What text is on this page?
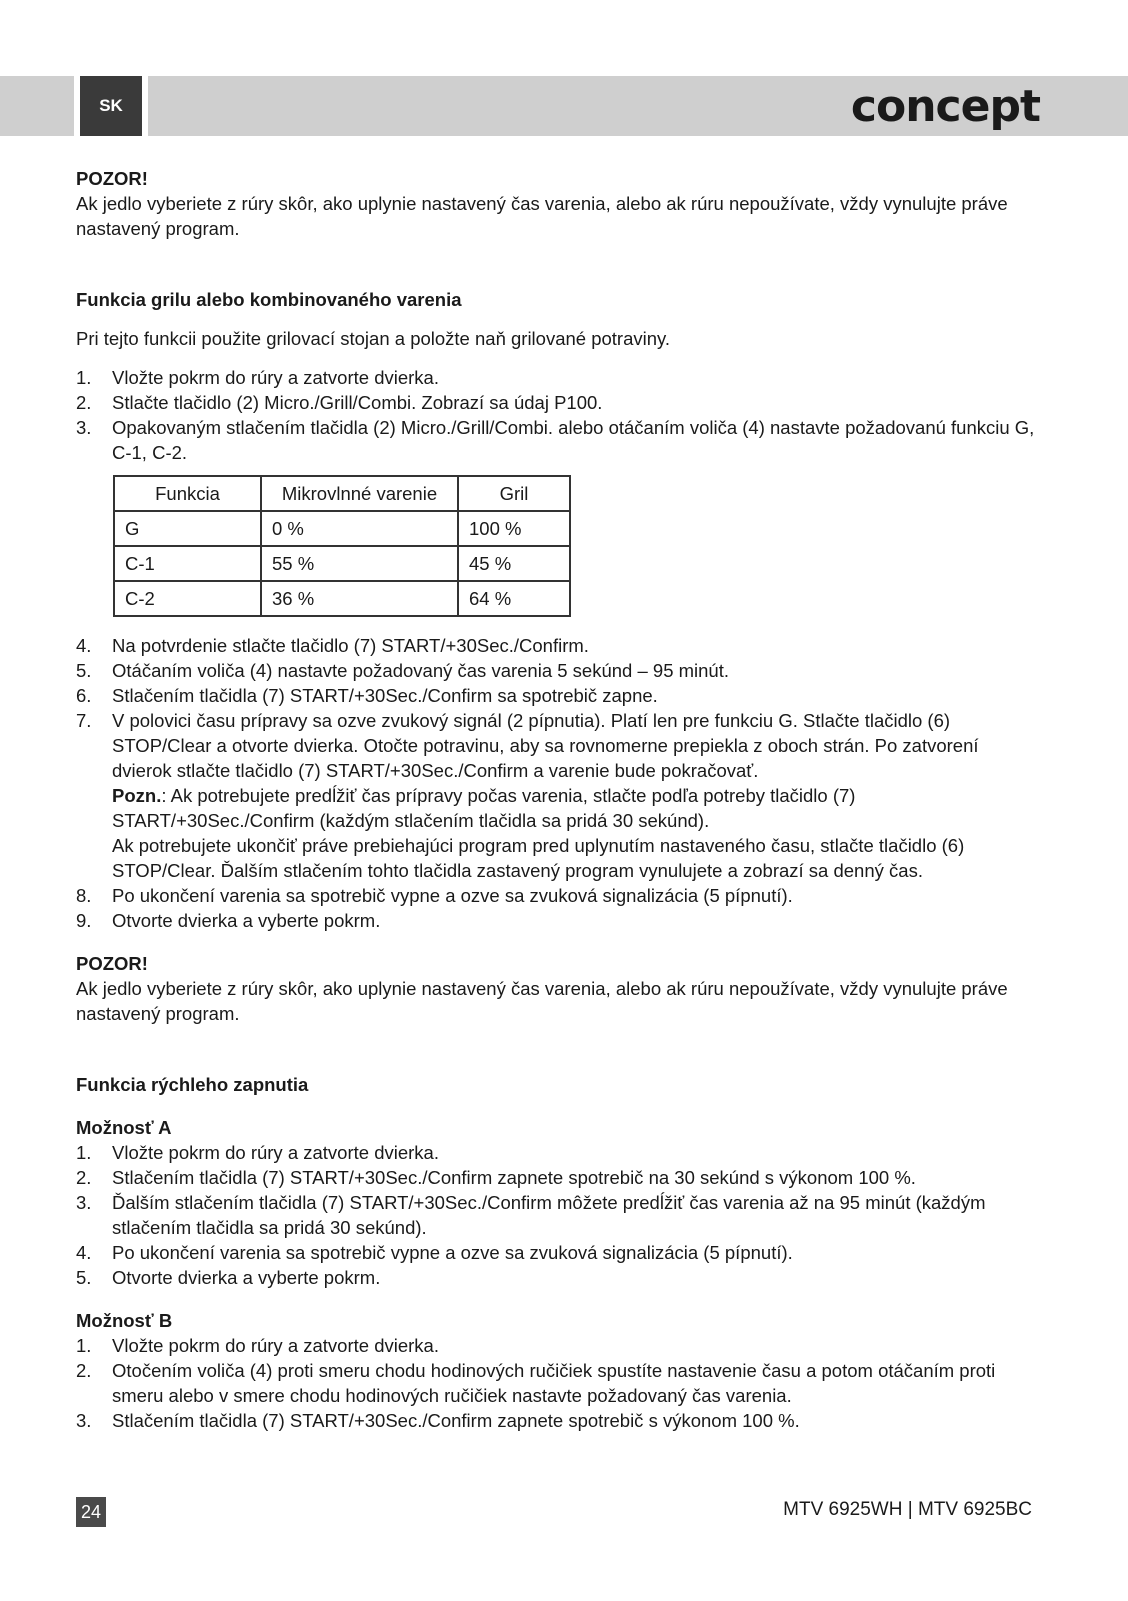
SK	concept

POZOR!

Ak jedlo vyberiete z rúry skôr, ako uplynie nastavený čas varenia, alebo ak rúru nepoužívate, vždy vynulujte práve nastavený program.

Funkcia grilu alebo kombinovaného varenia

Pri tejto funkcii použite grilovací stojan a položte naň grilované potraviny.

1.	Vložte pokrm do rúry a zatvorte dvierka.
2.	Stlačte tlačidlo (2) Micro./Grill/Combi. Zobrazí sa údaj P100.
3.	Opakovaným stlačením tlačidla (2) Micro./Grill/Combi. alebo otáčaním voliča (4) nastavte požadovanú funkciu G, C-1, C-2.
Funkcia	Mikrovlnné varenie	Gril
G	0 %	100 %
C-1	55 %	45 %
C-2	36 %	64 %
4.	Na potvrdenie stlačte tlačidlo (7) START/+30Sec./Confirm.
5.	Otáčaním voliča (4) nastavte požadovaný čas varenia 5 sekúnd – 95 minút.
6.	Stlačením tlačidla (7) START/+30Sec./Confirm sa spotrebič zapne.
7.	V polovici času prípravy sa ozve zvukový signál (2 pípnutia). Platí len pre funkciu G. Stlačte tlačidlo (6) STOP/Clear a otvorte dvierka. Otočte potravinu, aby sa rovnomerne prepiekla z oboch strán. Po zatvorení dvierok stlačte tlačidlo (7) START/+30Sec./Confirm a varenie bude pokračovať.
Pozn.: Ak potrebujete predĺžiť čas prípravy počas varenia, stlačte podľa potreby tlačidlo (7) START/+30Sec./Confirm (každým stlačením tlačidla sa pridá 30 sekúnd).
Ak potrebujete ukončiť práve prebiehajúci program pred uplynutím nastaveného času, stlačte tlačidlo (6) STOP/Clear. Ďalším stlačením tohto tlačidla zastavený program vynulujete a zobrazí sa denný čas.
8.	Po ukončení varenia sa spotrebič vypne a ozve sa zvuková signalizácia (5 pípnutí).
9.	Otvorte dvierka a vyberte pokrm.

POZOR!

Ak jedlo vyberiete z rúry skôr, ako uplynie nastavený čas varenia, alebo ak rúru nepoužívate, vždy vynulujte práve nastavený program.

Funkcia rýchleho zapnutia

Možnosť A

1.	Vložte pokrm do rúry a zatvorte dvierka.
2.	Stlačením tlačidla (7) START/+30Sec./Confirm zapnete spotrebič na 30 sekúnd s výkonom 100 %.
3.	Ďalším stlačením tlačidla (7) START/+30Sec./Confirm môžete predĺžiť čas varenia až na 95 minút (každým stlačením tlačidla sa pridá 30 sekúnd).
4.	Po ukončení varenia sa spotrebič vypne a ozve sa zvuková signalizácia (5 pípnutí).
5.	Otvorte dvierka a vyberte pokrm.

Možnosť B

1.	Vložte pokrm do rúry a zatvorte dvierka.
2.	Otočením voliča (4) proti smeru chodu hodinových ručičiek spustíte nastavenie času a potom otáčaním proti smeru alebo v smere chodu hodinových ručičiek nastavte požadovaný čas varenia.
3.	Stlačením tlačidla (7) START/+30Sec./Confirm zapnete spotrebič s výkonom 100 %.
24	MTV 6925WH | MTV 6925BC
